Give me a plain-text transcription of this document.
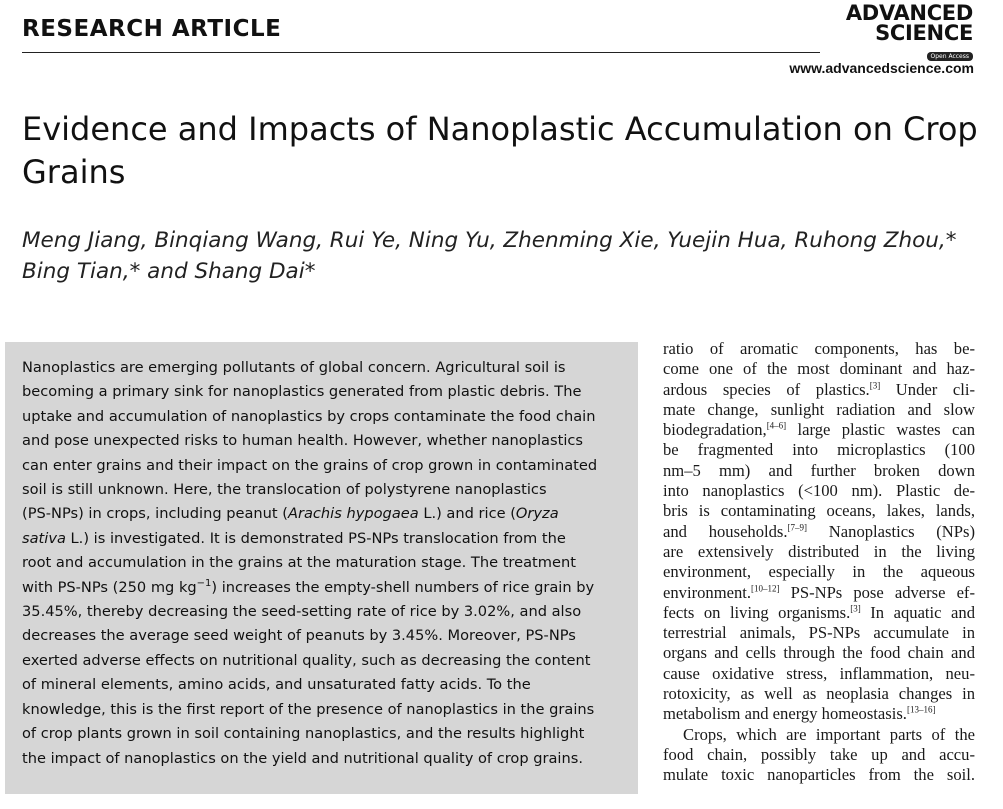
RESEARCH ARTICLE
ADVANCED
SCIENCE
Open Access
www.advancedscience.com
Evidence and Impacts of Nanoplastic Accumulation on Crop
Grains
Meng Jiang, Binqiang Wang, Rui Ye, Ning Yu, Zhenming Xie, Yuejin Hua, Ruhong Zhou,*
Bing Tian,* and Shang Dai*
Nanoplastics are emerging pollutants of global concern. Agricultural soil is
becoming a primary sink for nanoplastics generated from plastic debris. The
uptake and accumulation of nanoplastics by crops contaminate the food chain
and pose unexpected risks to human health. However, whether nanoplastics
can enter grains and their impact on the grains of crop grown in contaminated
soil is still unknown. Here, the translocation of polystyrene nanoplastics
(PS-NPs) in crops, including peanut (Arachis hypogaea L.) and rice (Oryza
sativa L.) is investigated. It is demonstrated PS-NPs translocation from the
root and accumulation in the grains at the maturation stage. The treatment
with PS-NPs (250 mg $kg^{-1}$) increases the empty-shell numbers of rice grain by
35.45%, thereby decreasing the seed-setting rate of rice by 3.02%, and also
decreases the average seed weight of peanuts by 3.45%. Moreover, PS-NPs
exerted adverse effects on nutritional quality, such as decreasing the content
of mineral elements, amino acids, and unsaturated fatty acids. To the
knowledge, this is the first report of the presence of nanoplastics in the grains
of crop plants grown in soil containing nanoplastics, and the results highlight
the impact of nanoplastics on the yield and nutritional quality of crop grains.
ratio of aromatic components, has be-
come one of the most dominant and haz-
ardous species of plastics.[3] Under cli-
mate change, sunlight radiation and slow
biodegradation,[4–6] large plastic wastes can
be fragmented into microplastics (100
nm–5 mm) and further broken down
into nanoplastics (<100 nm). Plastic de-
bris is contaminating oceans, lakes, lands,
and households.[7–9] Nanoplastics (NPs)
are extensively distributed in the living
environment, especially in the aqueous
environment.[10–12] PS-NPs pose adverse ef-
fects on living organisms.[3] In aquatic and
terrestrial animals, PS-NPs accumulate in
organs and cells through the food chain and
cause oxidative stress, inflammation, neu-
rotoxicity, as well as neoplasia changes in
metabolism and energy homeostasis.[13–16]
Crops, which are important parts of the
food chain, possibly take up and accu-
mulate toxic nanoparticles from the soil.
